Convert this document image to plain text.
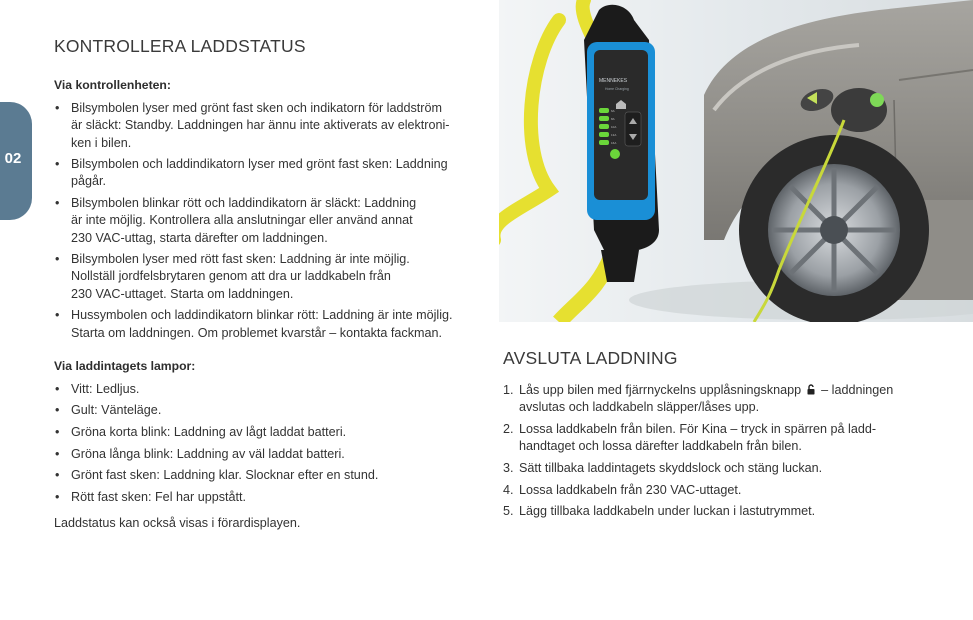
02
KONTROLLERA LADDSTATUS
Via kontrollenheten:
• Bilsymbolen lyser med grönt fast sken och indikatorn för laddström
är släckt: Standby. Laddningen har ännu inte aktiverats av elektroni-
ken i bilen.
• Bilsymbolen och laddindikatorn lyser med grönt fast sken: Laddning
pågår.
• Bilsymbolen blinkar rött och laddindikatorn är släckt: Laddning
är inte möjlig. Kontrollera alla anslutningar eller använd annat
230 VAC-uttag, starta därefter om laddningen.
• Bilsymbolen lyser med rött fast sken: Laddning är inte möjlig.
Nollställ jordfelsbrytaren genom att dra ur laddkabeln från
230 VAC-uttaget. Starta om laddningen.
• Hussymbolen och laddindikatorn blinkar rött: Laddning är inte möjlig.
Starta om laddningen. Om problemet kvarstår – kontakta fackman.
Via laddintagets lampor:
• Vitt: Ledljus.
• Gult: Vänteläge.
• Gröna korta blink: Laddning av lågt laddat batteri.
• Gröna långa blink: Laddning av väl laddat batteri.
• Grönt fast sken: Laddning klar. Slocknar efter en stund.
• Rött fast sken: Fel har uppstått.
Laddstatus kan också visas i förardisplayen.
MENNEKES
Home Charging
6A
8A
10A
13A
16A
AVSLUTA LADDNING
1. Lås upp bilen med fjärrnyckelns upplåsningsknapp – laddningen
avslutas och laddkabeln släpper/låses upp.
2. Lossa laddkabeln från bilen. För Kina – tryck in spärren på ladd-
handtaget och lossa därefter laddkabeln från bilen.
3. Sätt tillbaka laddintagets skyddslock och stäng luckan.
4. Lossa laddkabeln från 230 VAC-uttaget.
5. Lägg tillbaka laddkabeln under luckan i lastutrymmet.
